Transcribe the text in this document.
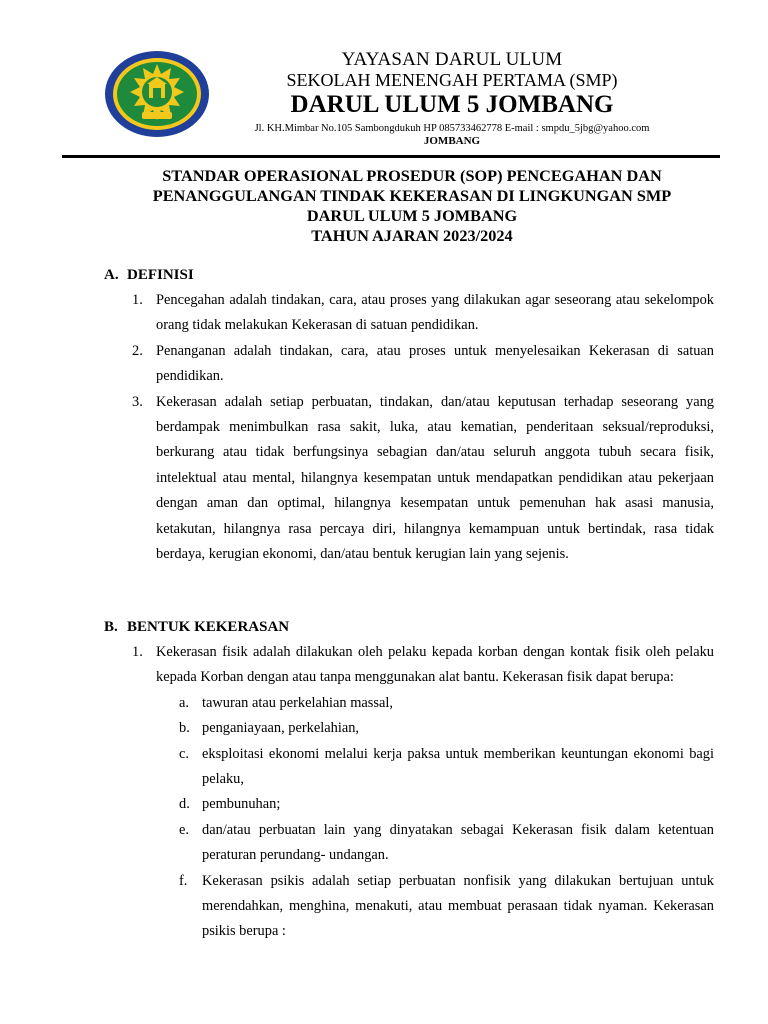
YAYASAN DARUL ULUM
SEKOLAH MENENGAH PERTAMA (SMP)
DARUL ULUM 5 JOMBANG
Jl. KH.Mimbar No.105 Sambongdukuh HP 085733462778 E-mail : smpdu_5jbg@yahoo.com
JOMBANG
STANDAR OPERASIONAL PROSEDUR (SOP) PENCEGAHAN DAN
PENANGGULANGAN TINDAK KEKERASAN DI LINGKUNGAN SMP
DARUL ULUM 5 JOMBANG
TAHUN AJARAN 2023/2024
A. DEFINISI
1. Pencegahan adalah tindakan, cara, atau proses yang dilakukan agar seseorang atau sekelompok orang tidak melakukan Kekerasan di satuan pendidikan.
2. Penanganan adalah tindakan, cara, atau proses untuk menyelesaikan Kekerasan di satuan pendidikan.
3. Kekerasan adalah setiap perbuatan, tindakan, dan/atau keputusan terhadap seseorang yang berdampak menimbulkan rasa sakit, luka, atau kematian, penderitaan seksual/reproduksi, berkurang atau tidak berfungsinya sebagian dan/atau seluruh anggota tubuh secara fisik, intelektual atau mental, hilangnya kesempatan untuk mendapatkan pendidikan atau pekerjaan dengan aman dan optimal, hilangnya kesempatan untuk pemenuhan hak asasi manusia, ketakutan, hilangnya rasa percaya diri, hilangnya kemampuan untuk bertindak, rasa tidak berdaya, kerugian ekonomi, dan/atau bentuk kerugian lain yang sejenis.
B. BENTUK KEKERASAN
1. Kekerasan fisik adalah dilakukan oleh pelaku kepada korban dengan kontak fisik oleh pelaku kepada Korban dengan atau tanpa menggunakan alat bantu. Kekerasan fisik dapat berupa:
a. tawuran atau perkelahian massal,
b. penganiayaan, perkelahian,
c. eksploitasi ekonomi melalui kerja paksa untuk memberikan keuntungan ekonomi bagi pelaku,
d. pembunuhan;
e. dan/atau perbuatan lain yang dinyatakan sebagai Kekerasan fisik dalam ketentuan peraturan perundang- undangan.
f.	Kekerasan psikis adalah setiap perbuatan nonfisik yang dilakukan bertujuan untuk merendahkan, menghina, menakuti, atau membuat perasaan tidak nyaman. Kekerasan psikis berupa :
